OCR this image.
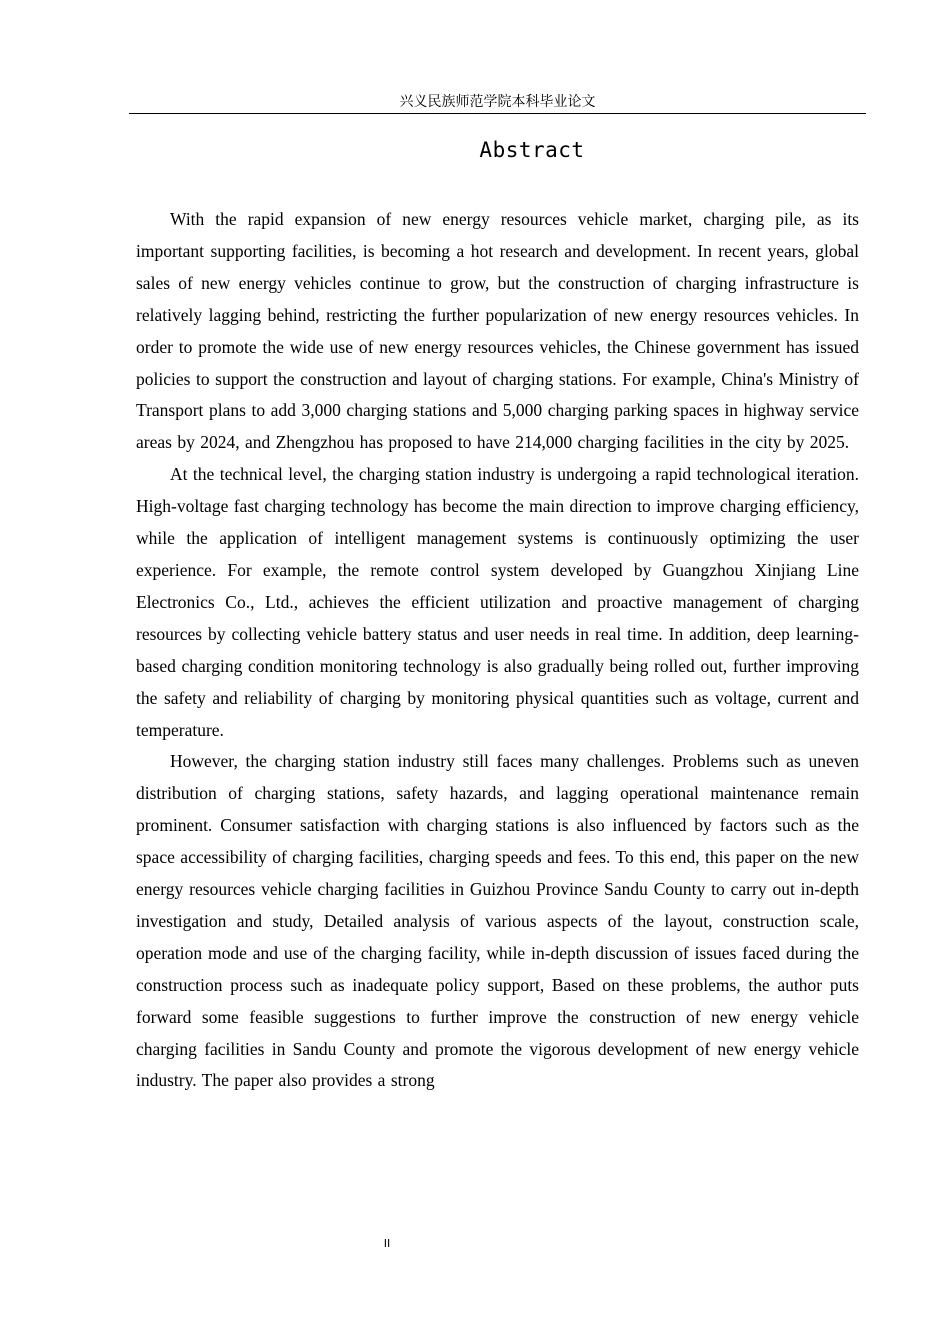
兴义民族师范学院本科毕业论文
Abstract

With the rapid expansion of new energy resources vehicle market, charging pile, as its important supporting facilities, is becoming a hot research and development. In recent years, global sales of new energy vehicles continue to grow, but the construction of charging infrastructure is relatively lagging behind, restricting the further popularization of new energy resources vehicles. In order to promote the wide use of new energy resources vehicles, the Chinese government has issued policies to support the construction and layout of charging stations. For example, China's Ministry of Transport plans to add 3,000 charging stations and 5,000 charging parking spaces in highway service areas by 2024, and Zhengzhou has proposed to have 214,000 charging facilities in the city by 2025.

At the technical level, the charging station industry is undergoing a rapid technological iteration. High-voltage fast charging technology has become the main direction to improve charging efficiency, while the application of intelligent management systems is continuously optimizing the user experience. For example, the remote control system developed by Guangzhou Xinjiang Line Electronics Co., Ltd., achieves the efficient utilization and proactive management of charging resources by collecting vehicle battery status and user needs in real time. In addition, deep learning-based charging condition monitoring technology is also gradually being rolled out, further improving the safety and reliability of charging by monitoring physical quantities such as voltage, current and temperature.

However, the charging station industry still faces many challenges. Problems such as uneven distribution of charging stations, safety hazards, and lagging operational maintenance remain prominent. Consumer satisfaction with charging stations is also influenced by factors such as the space accessibility of charging facilities, charging speeds and fees. To this end, this paper on the new energy resources vehicle charging facilities in Guizhou Province Sandu County to carry out in-depth investigation and study, Detailed analysis of various aspects of the layout, construction scale, operation mode and use of the charging facility, while in-depth discussion of issues faced during the construction process such as inadequate policy support, Based on these problems, the author puts forward some feasible suggestions to further improve the construction of new energy vehicle charging facilities in Sandu County and promote the vigorous development of new energy vehicle industry. The paper also provides a strong

II
